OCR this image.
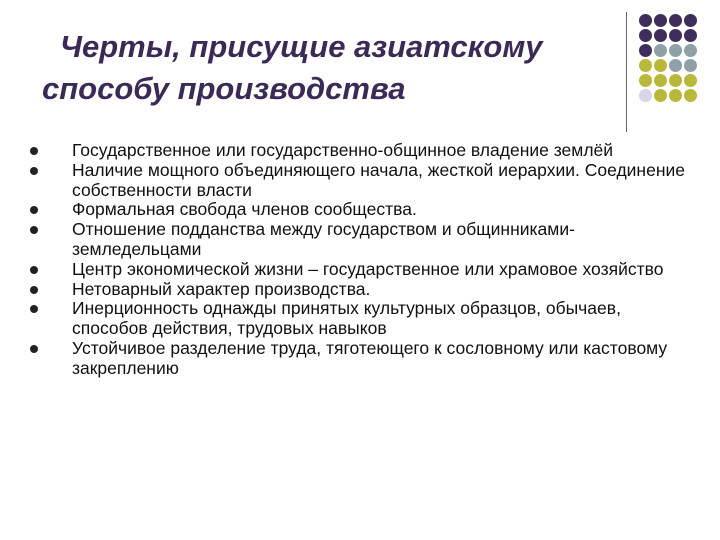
Черты, присущие азиатскому
способу производства
Государственное или государственно-общинное владение землёй
Наличие мощного объединяющего начала, жесткой иерархии. Соединение собственности власти
Формальная свобода членов сообщества.
Отношение подданства между государством и общинниками-земледельцами
Центр экономической жизни – государственное или храмовое хозяйство
Нетоварный характер производства.
Инерционность однажды принятых культурных образцов, обычаев, способов действия, трудовых навыков
Устойчивое разделение труда, тяготеющего к сословному или кастовому закреплению
